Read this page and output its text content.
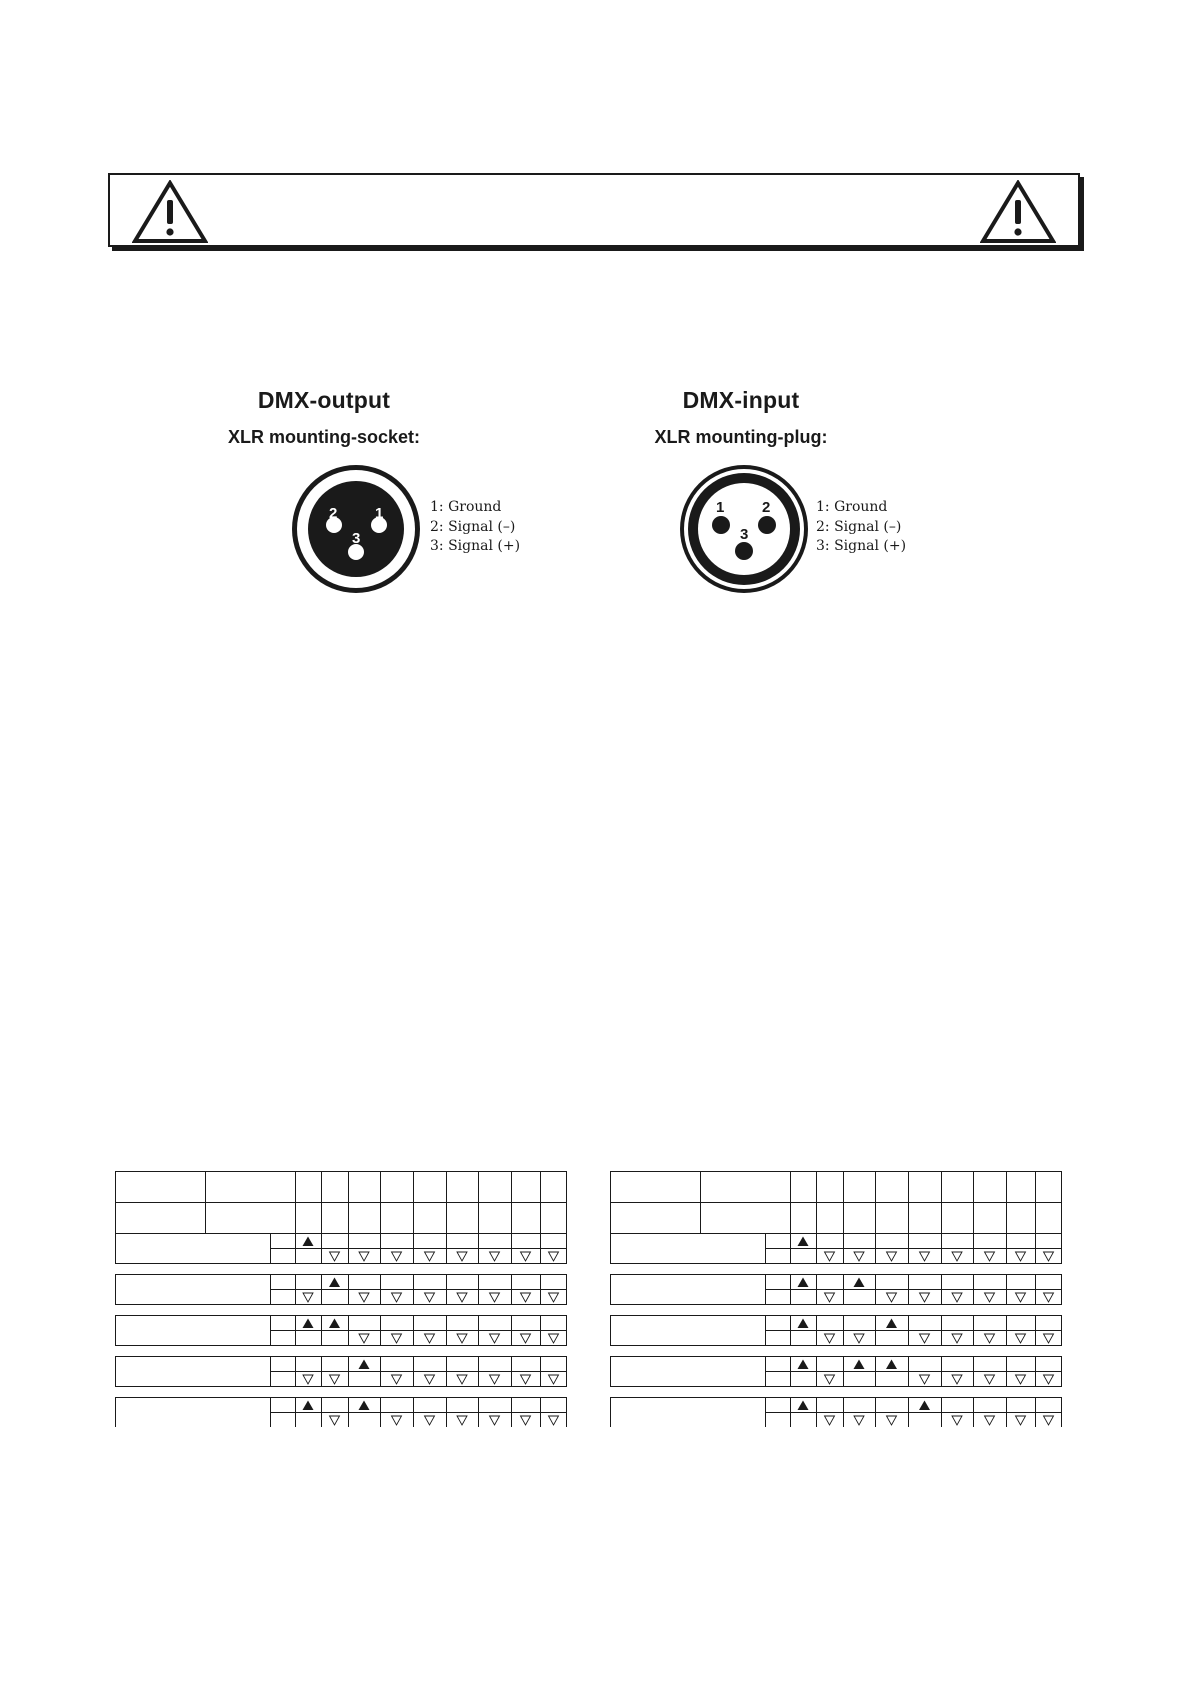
DMX-output
XLR mounting-socket:
2	1
3
1: Ground
2: Signal (–)
3: Signal (+)
DMX-input
XLR mounting-plug:
1	2
3
1: Ground
2: Signal (–)
3: Signal (+)
